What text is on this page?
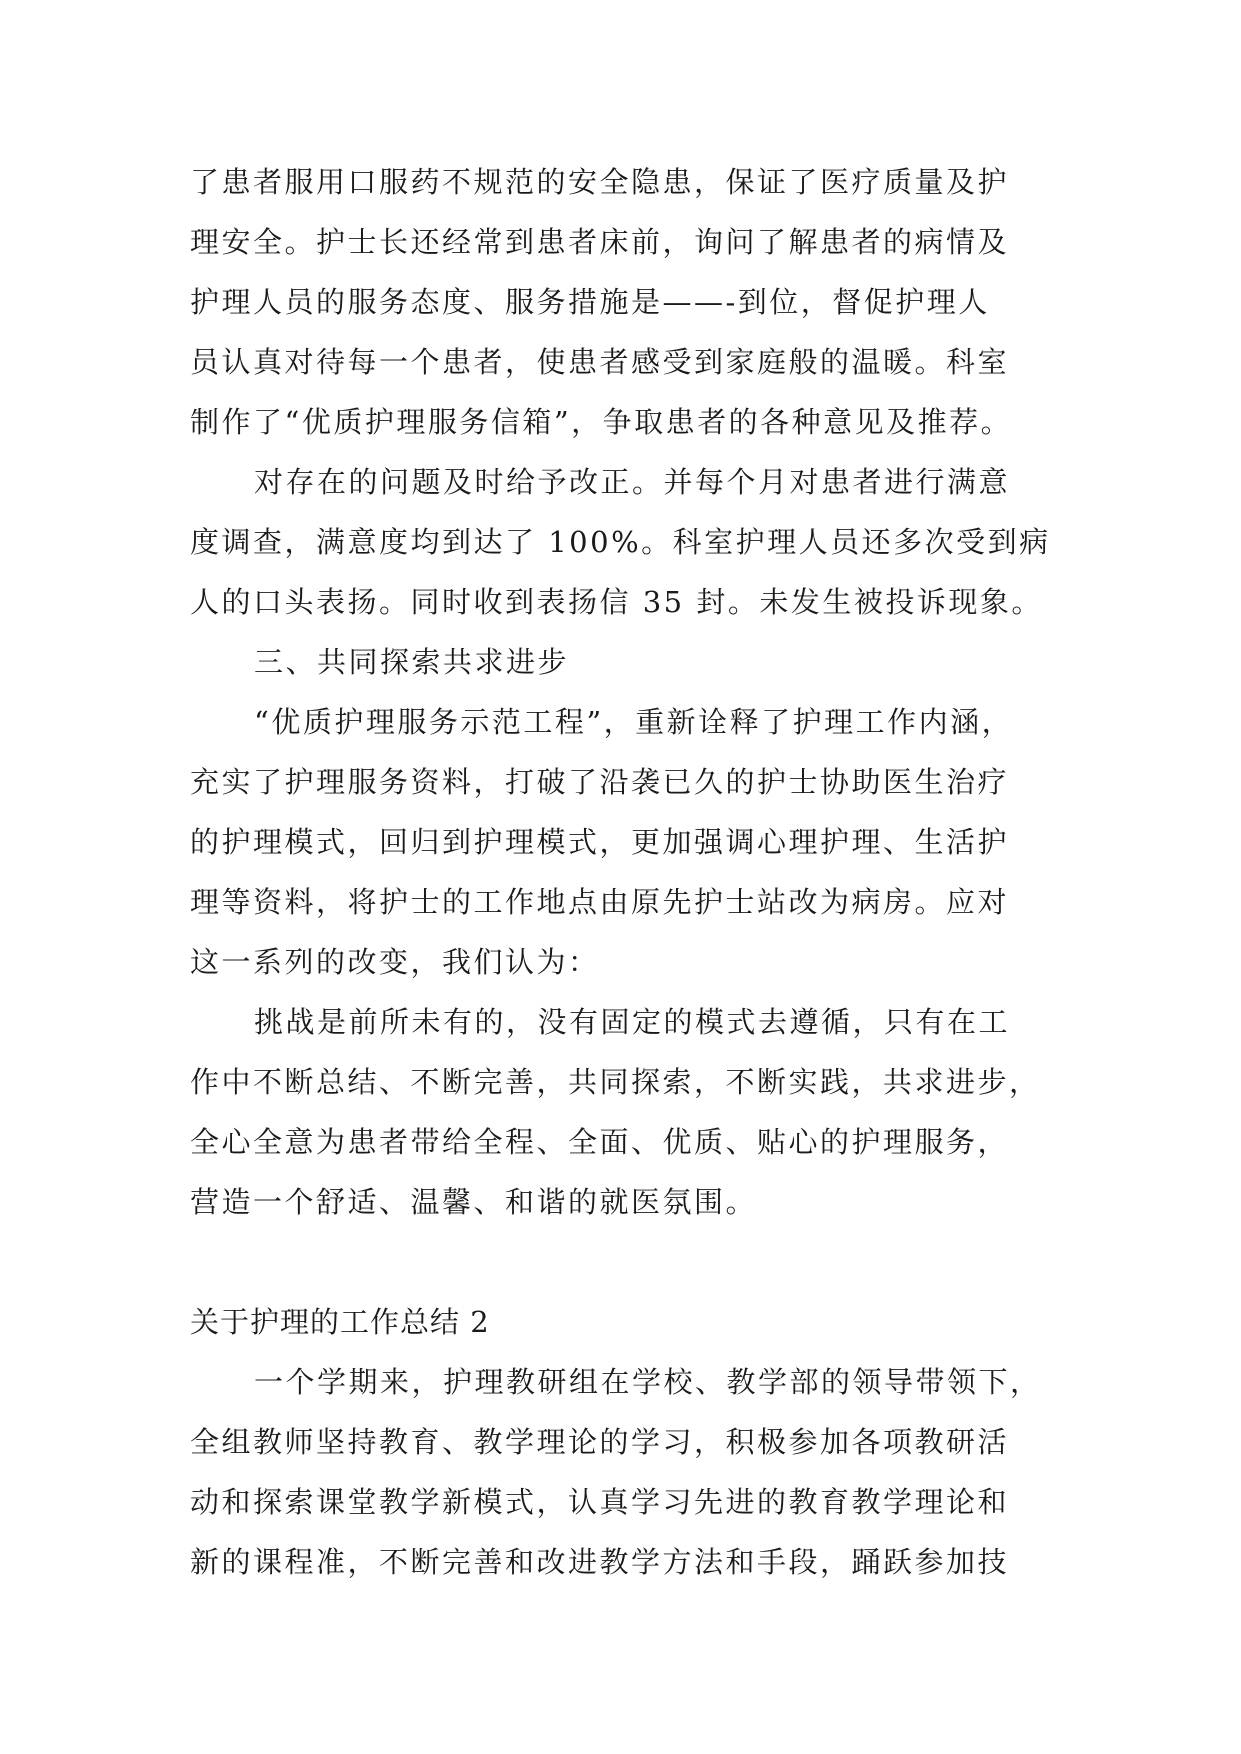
了患者服用口服药不规范的安全隐患，保证了医疗质量及护
理安全。护士长还经常到患者床前，询问了解患者的病情及
护理人员的服务态度、服务措施是——-到位，督促护理人
员认真对待每一个患者，使患者感受到家庭般的温暖。科室
制作了“优质护理服务信箱”，争取患者的各种意见及推荐。
对存在的问题及时给予改正。并每个月对患者进行满意
度调查，满意度均到达了 100%。科室护理人员还多次受到病
人的口头表扬。同时收到表扬信 35 封。未发生被投诉现象。
三、共同探索共求进步
“优质护理服务示范工程”，重新诠释了护理工作内涵，
充实了护理服务资料，打破了沿袭已久的护士协助医生治疗
的护理模式，回归到护理模式，更加强调心理护理、生活护
理等资料，将护士的工作地点由原先护士站改为病房。应对
这一系列的改变，我们认为：
挑战是前所未有的，没有固定的模式去遵循，只有在工
作中不断总结、不断完善，共同探索，不断实践，共求进步，
全心全意为患者带给全程、全面、优质、贴心的护理服务，
营造一个舒适、温馨、和谐的就医氛围。
关于护理的工作总结 2
一个学期来，护理教研组在学校、教学部的领导带领下，
全组教师坚持教育、教学理论的学习，积极参加各项教研活
动和探索课堂教学新模式，认真学习先进的教育教学理论和
新的课程准，不断完善和改进教学方法和手段，踊跃参加技
